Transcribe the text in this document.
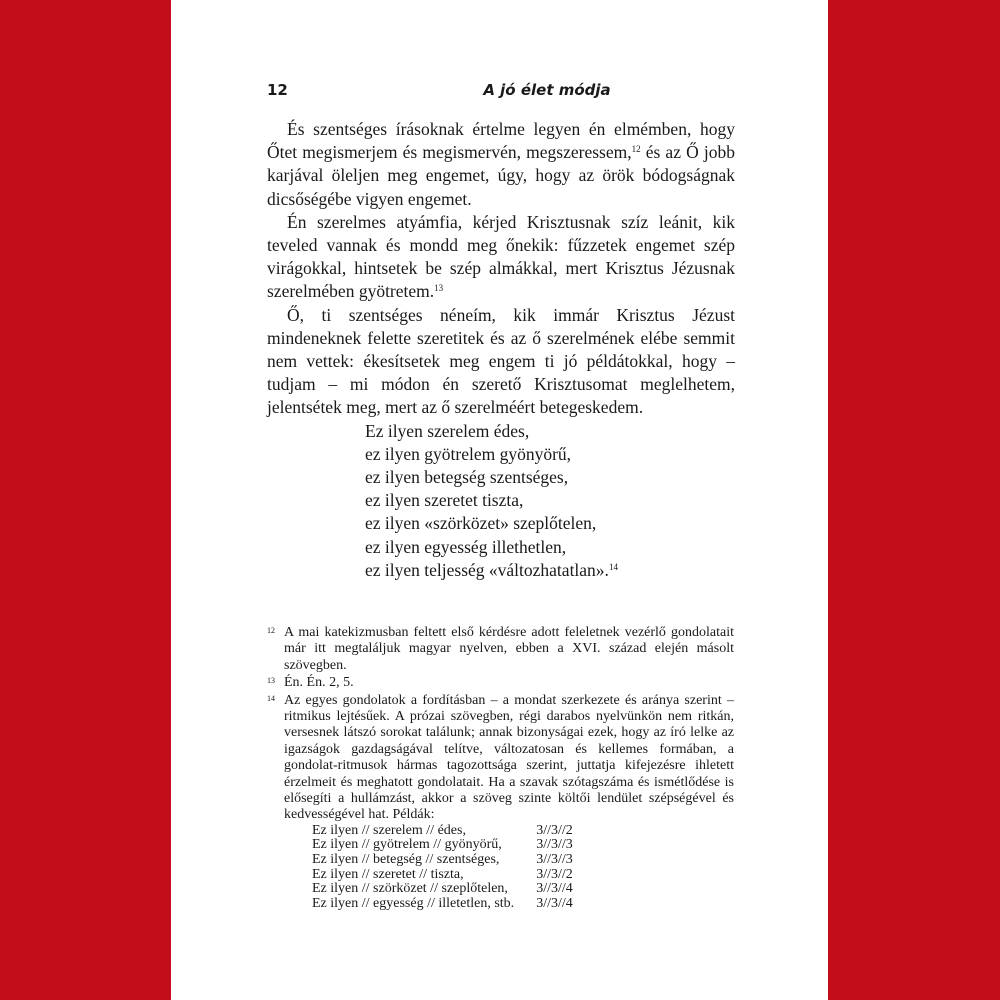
12	A jó élet módja

És szentséges írásoknak értelme legyen én elmémben, hogy Őtet megismerjem és megismervén, megszeressem,$^{12}$ és az Ő jobb karjával öleljen meg engemet, úgy, hogy az örök bódogságnak dicsőségébe vigyen engemet.

Én szerelmes atyámfia, kérjed Krisztusnak szíz leánit, kik teveled vannak és mondd meg őnekik: fűzzetek engemet szép virágokkal, hintsetek be szép almákkal, mert Krisztus Jézusnak szerelmében gyötretem.$^{13}$

Ő, ti szentséges néneím, kik immár Krisztus Jézust mindeneknek felette szeretitek és az ő szerelmének elébe semmit nem vettek: ékesítsetek meg engem ti jó példátokkal, hogy – tudjam – mi módon én szerető Krisztusomat meglelhetem, jelentsétek meg, mert az ő szerelméért betegeskedem.

Ez ilyen szerelem édes,
ez ilyen gyötrelem gyönyörű,
ez ilyen betegség szentséges,
ez ilyen szeretet tiszta,
ez ilyen «szörközet» szeplőtelen,
ez ilyen egyesség illethetlen,
ez ilyen teljesség «változhatatlan».$^{14}$
12 A mai katekizmusban feltett első kérdésre adott feleletnek vezérlő gondolatait már itt megtaláljuk magyar nyelven, ebben a XVI. század elején másolt szövegben.
13 Én. Én. 2, 5.
14 Az egyes gondolatok a fordításban – a mondat szerkezete és aránya szerint – ritmikus lejtésűek. A prózai szövegben, régi darabos nyelvünkön nem ritkán, versesnek látszó sorokat találunk; annak bizonyságai ezek, hogy az író lelke az igazságok gazdagságával telítve, változatosan és kellemes formában, a gondolat-ritmusok hármas tagozottsága szerint, juttatja kifejezésre ihletett érzelmeit és meghatott gondolatait. Ha a szavak szótagszáma és ismétlődése is elősegíti a hullámzást, akkor a szöveg szinte költői lendület szépségével és kedvességével hat. Példák:
Ez ilyen // szerelem // édes,	3//3//2
Ez ilyen // gyötrelem // gyönyörű,	3//3//3
Ez ilyen // betegség // szentséges,	3//3//3
Ez ilyen // szeretet // tiszta,	3//3//2
Ez ilyen // szörközet // szeplőtelen,	3//3//4
Ez ilyen // egyesség // illetetlen, stb.	3//3//4
